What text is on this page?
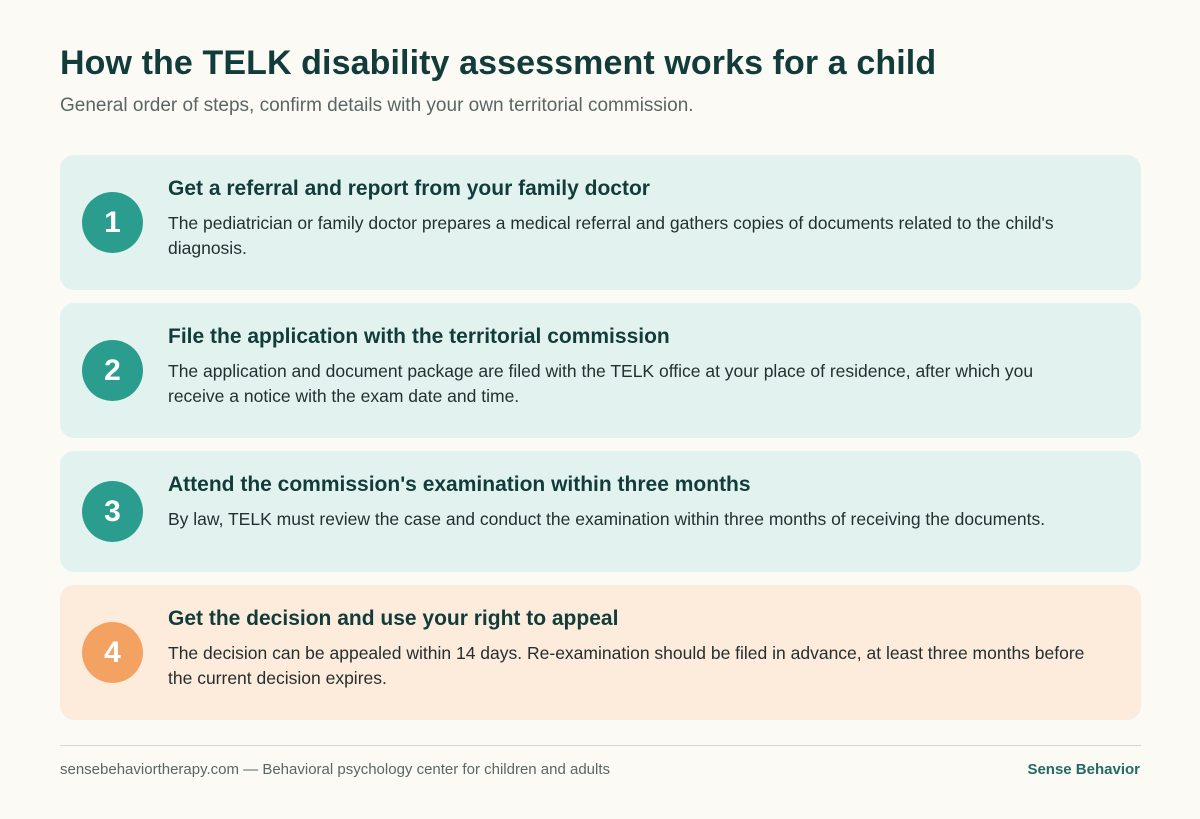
How the TELK disability assessment works for a child

General order of steps, confirm details with your own territorial commission.

1
Get a referral and report from your family doctor
The pediatrician or family doctor prepares a medical referral and gathers copies of documents related to the child's diagnosis.
2
File the application with the territorial commission
The application and document package are filed with the TELK office at your place of residence, after which you receive a notice with the exam date and time.
3
Attend the commission's examination within three months
By law, TELK must review the case and conduct the examination within three months of receiving the documents.
4
Get the decision and use your right to appeal
The decision can be appealed within 14 days. Re-examination should be filed in advance, at least three months before the current decision expires.
sensebehaviortherapy.com — Behavioral psychology center for children and adults	Sense Behavior
